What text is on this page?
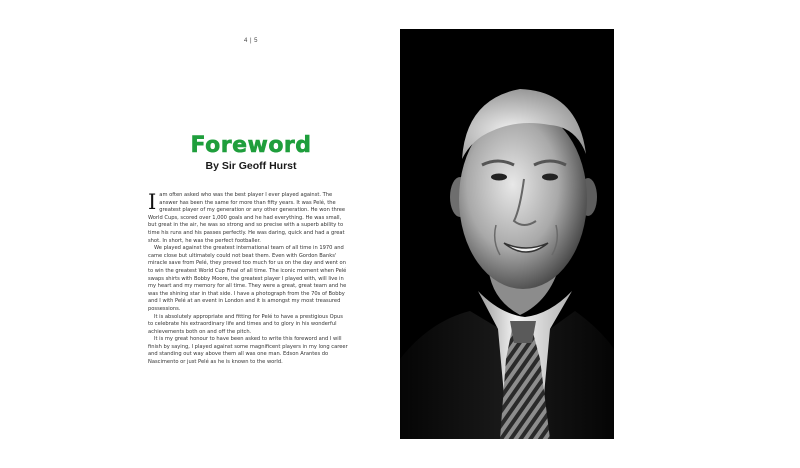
4 | 5
Foreword
By Sir Geoff Hurst

Iam often asked who was the best player I ever played against. The answer has been the same for more than fifty years. It was Pelé, the greatest player of my generation or any other generation. He won three World Cups, scored over 1,000 goals and he had everything. He was small, but great in the air, he was so strong and so precise with a superb ability to time his runs and his passes perfectly. He was daring, quick and had a great shot. In short, he was the perfect footballer.

We played against the greatest international team of all time in 1970 and came close but ultimately could not beat them. Even with Gordon Banks' miracle save from Pelé, they proved too much for us on the day and went on to win the greatest World Cup Final of all time. The iconic moment when Pelé swaps shirts with Bobby Moore, the greatest player I played with, will live in my heart and my memory for all time. They were a great, great team and he was the shining star in that side. I have a photograph from the 70s of Bobby and I with Pelé at an event in London and it is amongst my most treasured possessions.

It is absolutely appropriate and fitting for Pelé to have a prestigious Opus to celebrate his extraordinary life and times and to glory in his wonderful achievements both on and off the pitch.

It is my great honour to have been asked to write this foreword and I will finish by saying, I played against some magnificent players in my long career and standing out way above them all was one man. Edson Arantes do Nascimento or just Pelé as he is known to the world.
